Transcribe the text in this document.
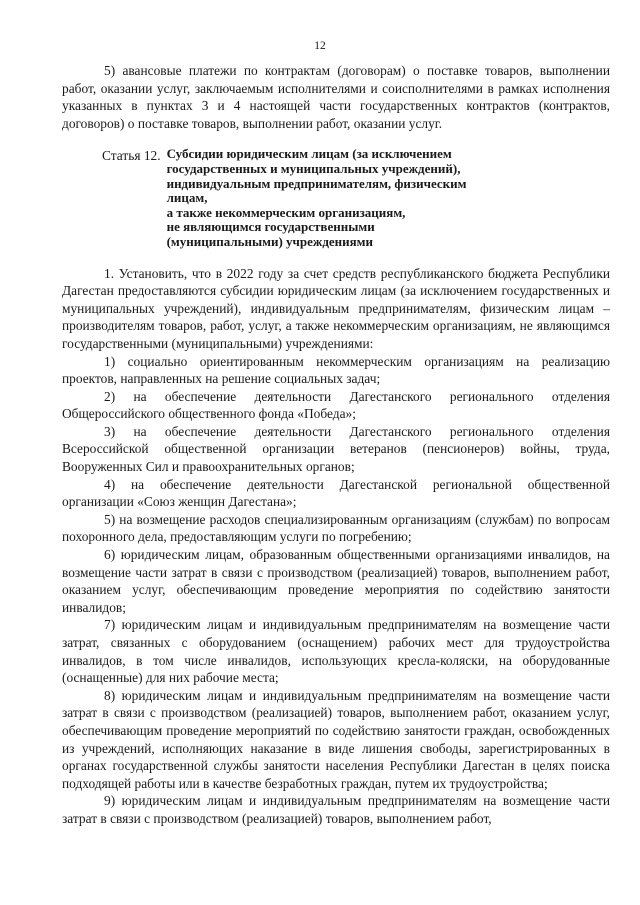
12

5) авансовые платежи по контрактам (договорам) о поставке товаров, выполнении работ, оказании услуг, заключаемым исполнителями и соисполнителями в рамках исполнения указанных в пунктах 3 и 4 настоящей части государственных контрактов (контрактов, договоров) о поставке товаров, выполнении работ, оказании услуг.

Статья 12. Субсидии юридическим лицам (за исключением
государственных и муниципальных учреждений),
индивидуальным предпринимателям, физическим лицам,
а также некоммерческим организациям,
не являющимся государственными
(муниципальными) учреждениями

1. Установить, что в 2022 году за счет средств республиканского бюджета Республики Дагестан предоставляются субсидии юридическим лицам (за исключением государственных и муниципальных учреждений), индивидуальным предпринимателям, физическим лицам – производителям товаров, работ, услуг, а также некоммерческим организациям, не являющимся государственными (муниципальными) учреждениями:

1) социально ориентированным некоммерческим организациям на реализацию проектов, направленных на решение социальных задач;

2) на обеспечение деятельности Дагестанского регионального отделения Общероссийского общественного фонда «Победа»;

3) на обеспечение деятельности Дагестанского регионального отделения Всероссийской общественной организации ветеранов (пенсионеров) войны, труда, Вооруженных Сил и правоохранительных органов;

4) на обеспечение деятельности Дагестанской региональной общественной организации «Союз женщин Дагестана»;

5) на возмещение расходов специализированным организациям (службам) по вопросам похоронного дела, предоставляющим услуги по погребению;

6) юридическим лицам, образованным общественными организациями инвалидов, на возмещение части затрат в связи с производством (реализацией) товаров, выполнением работ, оказанием услуг, обеспечивающим проведение мероприятия по содействию занятости инвалидов;

7) юридическим лицам и индивидуальным предпринимателям на возмещение части затрат, связанных с оборудованием (оснащением) рабочих мест для трудоустройства инвалидов, в том числе инвалидов, использующих кресла-коляски, на оборудованные (оснащенные) для них рабочие места;

8) юридическим лицам и индивидуальным предпринимателям на возмещение части затрат в связи с производством (реализацией) товаров, выполнением работ, оказанием услуг, обеспечивающим проведение мероприятий по содействию занятости граждан, освобожденных из учреждений, исполняющих наказание в виде лишения свободы, зарегистрированных в органах государственной службы занятости населения Республики Дагестан в целях поиска подходящей работы или в качестве безработных граждан, путем их трудоустройства;

9) юридическим лицам и индивидуальным предпринимателям на возмещение части затрат в связи с производством (реализацией) товаров, выполнением работ,
